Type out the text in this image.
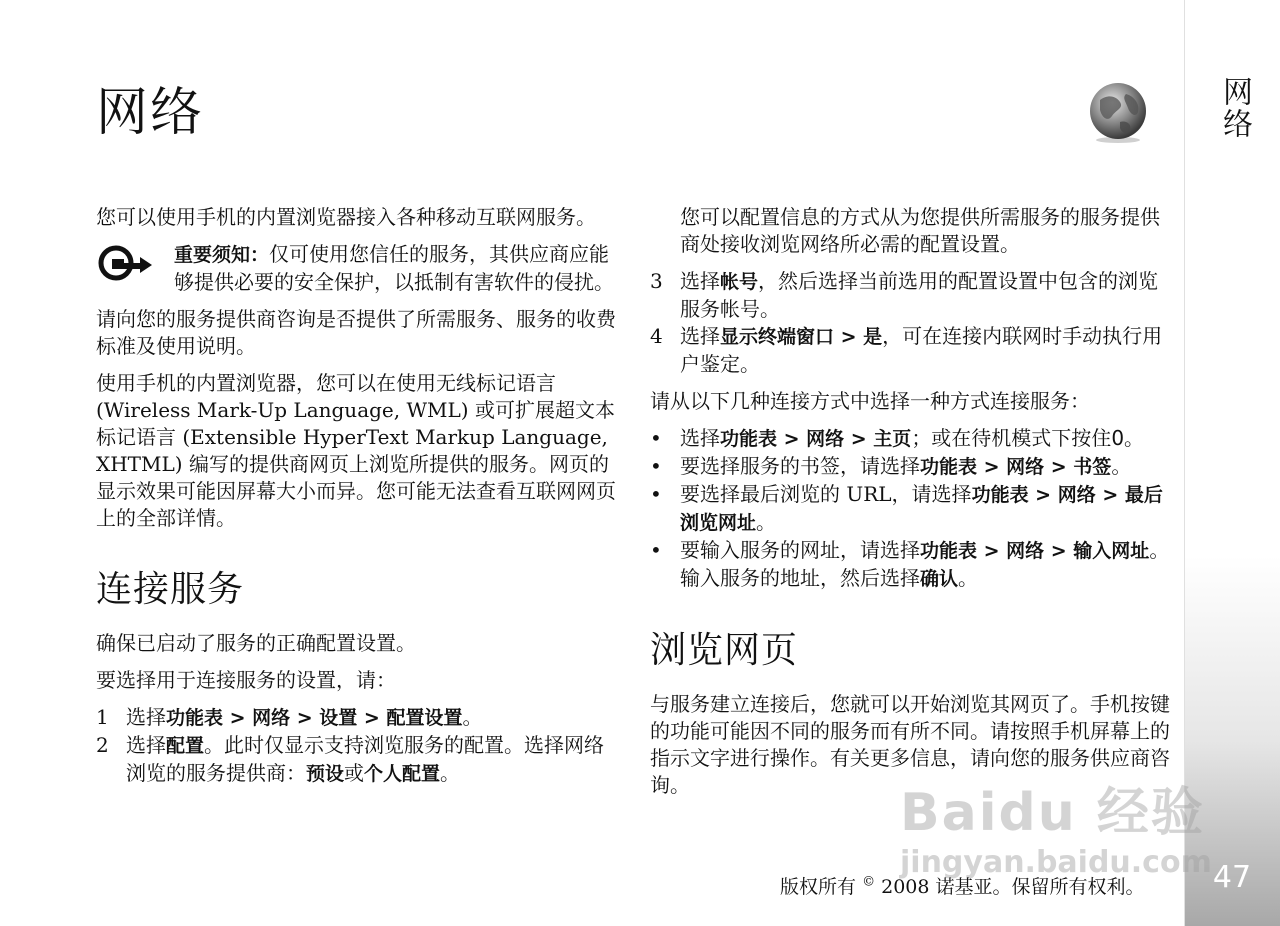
网络
47
网络

您可以使用手机的内置浏览器接入各种移动互联网服务。

重要须知：仅可使用您信任的服务，其供应商应能够提供必要的安全保护，以抵制有害软件的侵扰。

请向您的服务提供商咨询是否提供了所需服务、服务的收费标准及使用说明。

使用手机的内置浏览器，您可以在使用无线标记语言 (Wireless Mark-Up Language, WML) 或可扩展超文本标记语言 (Extensible HyperText Markup Language, XHTML) 编写的提供商网页上浏览所提供的服务。网页的显示效果可能因屏幕大小而异。您可能无法查看互联网网页上的全部详情。

连接服务

确保已启动了服务的正确配置设置。

要选择用于连接服务的设置，请：

1 选择功能表 > 网络 > 设置 > 配置设置。
2 选择配置。此时仅显示支持浏览服务的配置。选择网络浏览的服务提供商：预设或个人配置。

您可以配置信息的方式从为您提供所需服务的服务提供商处接收浏览网络所必需的配置设置。

3 选择帐号，然后选择当前选用的配置设置中包含的浏览服务帐号。
4 选择显示终端窗口 > 是，可在连接内联网时手动执行用户鉴定。

请从以下几种连接方式中选择一种方式连接服务：

• 选择功能表 > 网络 > 主页；或在待机模式下按住0。
• 要选择服务的书签，请选择功能表 > 网络 > 书签。
• 要选择最后浏览的 URL，请选择功能表 > 网络 > 最后浏览网址。
• 要输入服务的网址，请选择功能表 > 网络 > 输入网址。输入服务的地址，然后选择确认。
浏览网页

与服务建立连接后，您就可以开始浏览其网页了。手机按键的功能可能因不同的服务而有所不同。请按照手机屏幕上的指示文字进行操作。有关更多信息，请向您的服务供应商咨询。	Baidu 经验
jingyan.baidu.com
版权所有 © 2008 诺基亚。保留所有权利。
